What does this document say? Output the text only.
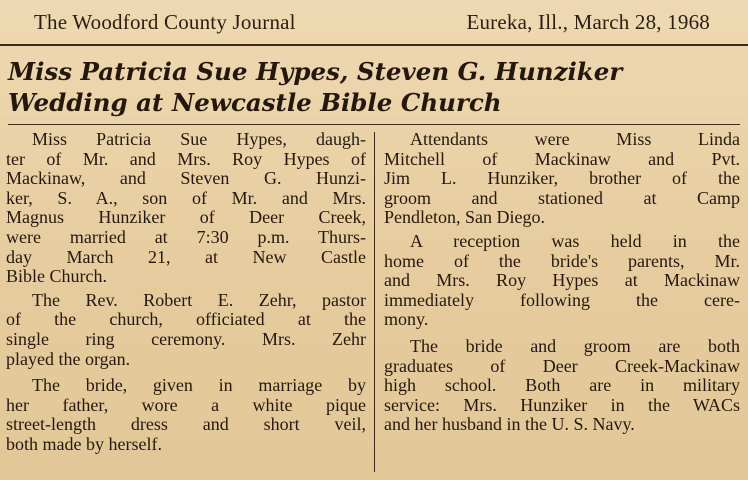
The Woodford County Journal	Eureka, Ill., March 28, 1968
Miss Patricia Sue Hypes, Steven G. Hunziker
Wedding at Newcastle Bible Church
Miss Patricia Sue Hypes, daugh-
ter of Mr. and Mrs. Roy Hypes of
Mackinaw, and Steven G. Hunzi-
ker, S. A., son of Mr. and Mrs.
Magnus Hunziker of Deer Creek,
were married at 7:30 p.m. Thurs-
day March 21, at New Castle
Bible Church.
The Rev. Robert E. Zehr, pastor
of the church, officiated at the
single ring ceremony. Mrs. Zehr
played the organ.
The bride, given in marriage by
her father, wore a white pique
street-length dress and short veil,
both made by herself.
Attendants were Miss Linda
Mitchell of Mackinaw and Pvt.
Jim L. Hunziker, brother of the
groom and stationed at Camp
Pendleton, San Diego.
A reception was held in the
home of the bride's parents, Mr.
and Mrs. Roy Hypes at Mackinaw
immediately following the cere-
mony.
The bride and groom are both
graduates of Deer Creek-Mackinaw
high school. Both are in military
service: Mrs. Hunziker in the WACs
and her husband in the U. S. Navy.
